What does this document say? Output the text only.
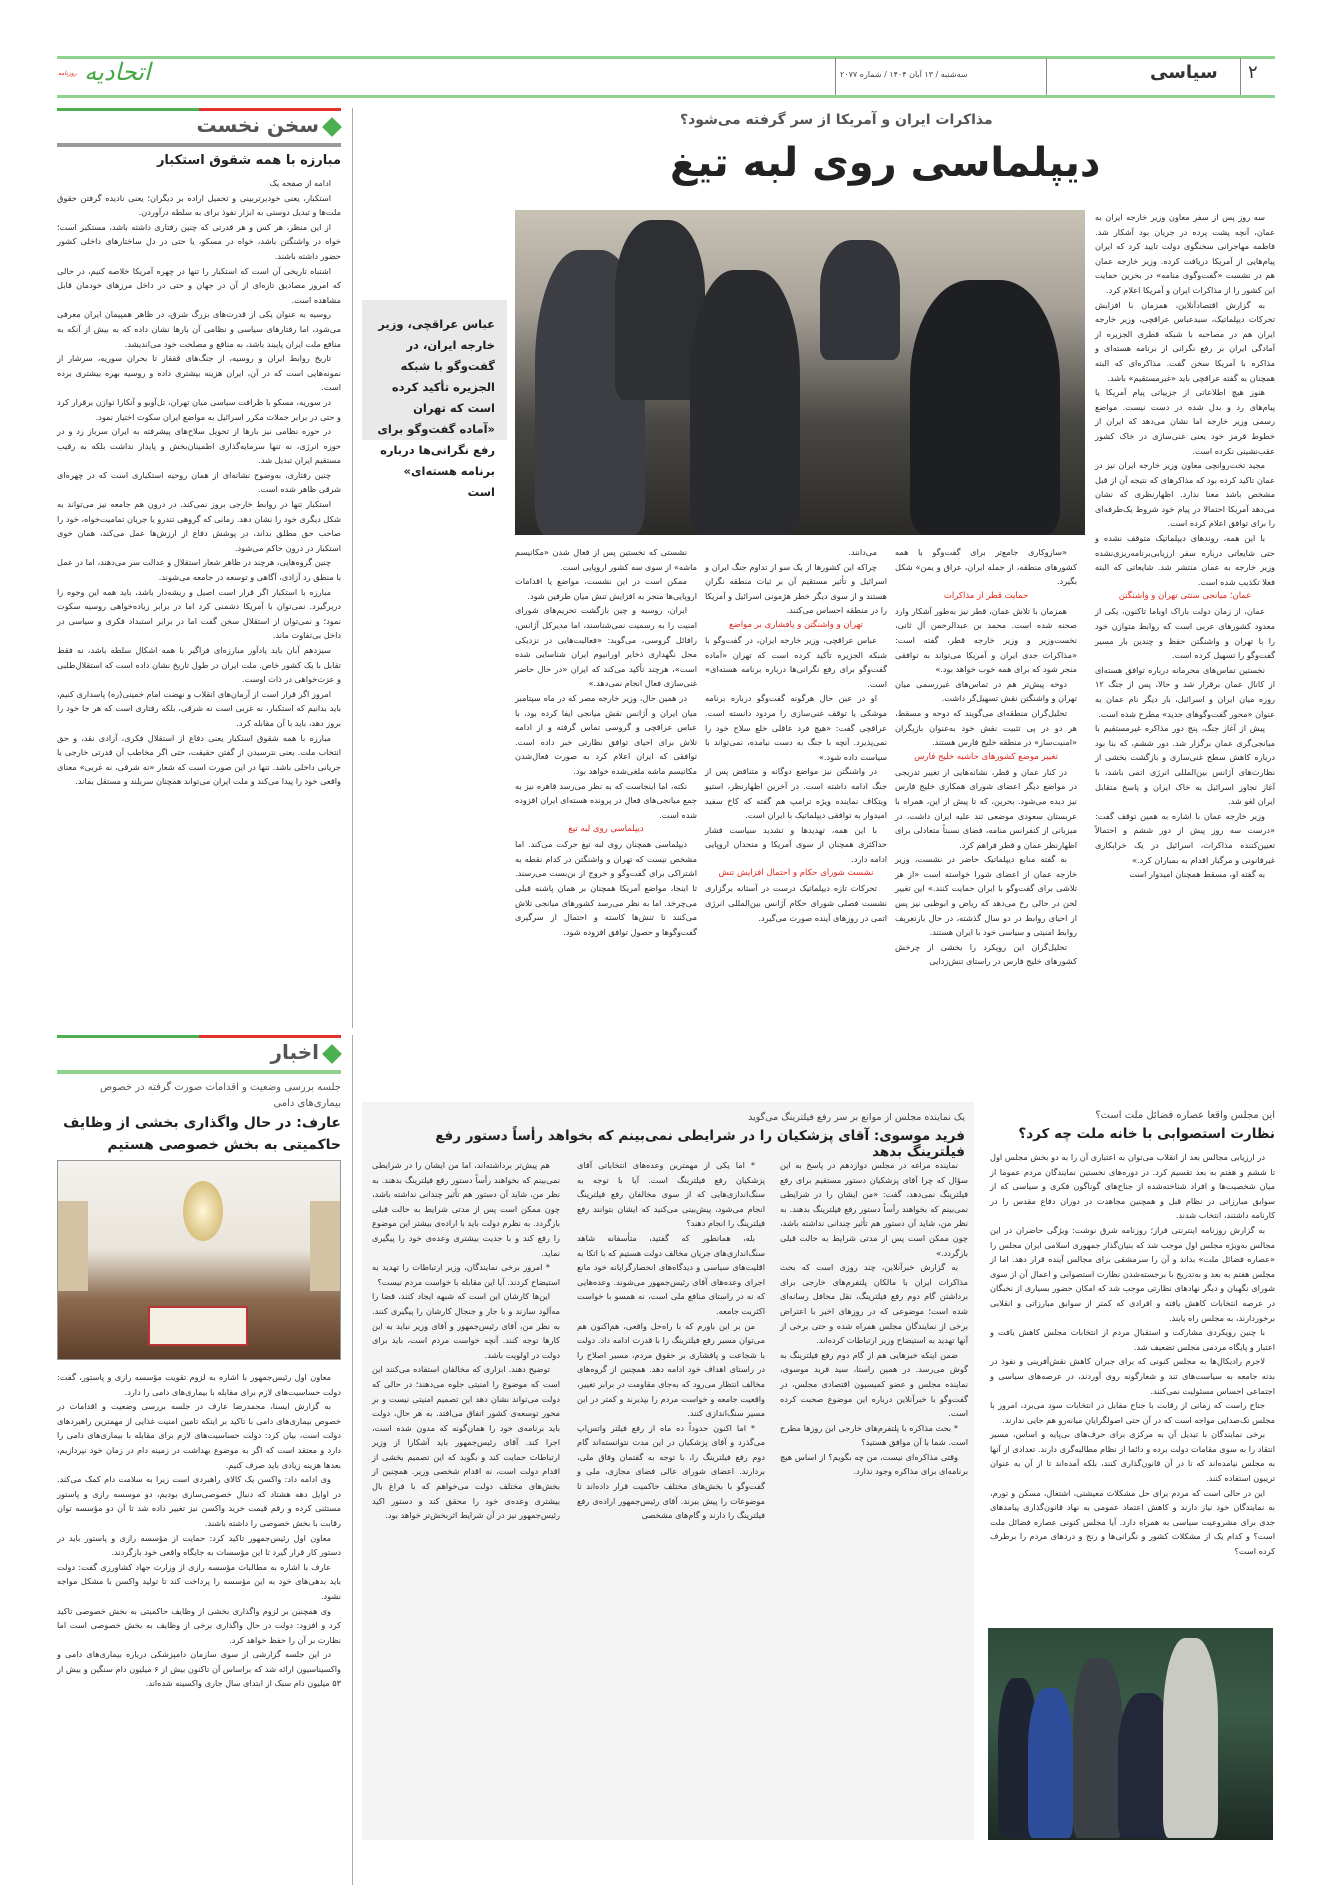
۲
سیاسی
سه‌شنبه / ۱۳ آبان ۱۴۰۴ / شماره ۲۰۷۷
اتحادیه روزنامه
سخن نخست
مبارزه با همه شقوق استکبار

ادامه از صفحه یک

استکبار، یعنی خودبرتربینی و تحمیل اراده بر دیگران؛ یعنی نادیده گرفتن حقوق ملت‌ها و تبدیل دوستی به ابزار نفوذ برای به سلطه درآوردن.

از این منظر، هر کس و هر قدرتی که چنین رفتاری داشته باشد، مستکبر است؛ خواه در واشنگتن باشد، خواه در مسکو، یا حتی در دل ساختارهای داخلی کشور حضور داشته باشند.

اشتباه تاریخی آن است که استکبار را تنها در چهره آمریکا خلاصه کنیم، در حالی که امروز مصادیق تازه‌ای از آن در جهان و حتی در داخل مرزهای خودمان قابل مشاهده است.

روسیه به عنوان یکی از قدرت‌های بزرگ شرق، در ظاهر همپیمان ایران معرفی می‌شود، اما رفتارهای سیاسی و نظامی آن بارها نشان داده که به بیش از آنکه به منافع ملت ایران پایبند باشد، به منافع و مصلحت خود می‌اندیشد.

تاریخ روابط ایران و روسیه، از جنگ‌های قفقاز تا بحران سوریه، سرشار از نمونه‌هایی است که در آن، ایران هزینه بیشتری داده و روسیه بهره بیشتری برده است.

در سوریه، مسکو با ظرافت سیاسی میان تهران، تل‌آویو و آنکارا توازن برقرار کرد و حتی در برابر حملات مکرر اسرائیل به مواضع ایران سکوت اختیار نمود.

در حوزه نظامی نیز بارها از تحویل سلاح‌های پیشرفته به ایران سرباز زد و در حوزه انرژی، نه تنها سرمایه‌گذاری اطمینان‌بخش و پایدار نداشت بلکه به رقیب مستقیم ایران تبدیل شد.

چنین رفتاری، به‌وضوح نشانه‌ای از همان روحیه استکباری است که در چهره‌ای شرقی ظاهر شده است.

استکبار تنها در روابط خارجی بروز نمی‌کند. در درون هم جامعه نیز می‌تواند به شکل دیگری خود را نشان دهد. زمانی که گروهی تندرو یا جریان تمامیت‌خواه، خود را صاحب حق مطلق بداند، در پوشش دفاع از ارزش‌ها عمل می‌کند، همان خوی استکبار در درون حاکم می‌شود.

چنین گروه‌هایی، هرچند در ظاهر شعار استقلال و عدالت سر می‌دهند، اما در عمل با منطق رد آزادی، آگاهی و توسعه در جامعه می‌شوند.

مبارزه با استکبار اگر قرار است اصیل و ریشه‌دار باشد، باید همه این وجوه را دربرگیرد. نمی‌توان با آمریکا دشمنی کرد اما در برابر زیاده‌خواهی روسیه سکوت نمود؛ و نمی‌توان از استقلال سخن گفت اما در برابر استبداد فکری و سیاسی در داخل بی‌تفاوت ماند.

سیزدهم آبان باید یادآور مبارزه‌ای فراگیر با همه اشکال سلطه باشد، نه فقط تقابل با یک کشور خاص. ملت ایران در طول تاریخ نشان داده است که استقلال‌طلبی و عزت‌خواهی در ذات اوست.

امروز اگر قرار است از آرمان‌های انقلاب و نهضت امام خمینی(ره) پاسداری کنیم، باید بدانیم که استکبار، نه غربی است نه شرقی، بلکه رفتاری است که هر جا خود را بروز دهد، باید با آن مقابله کرد.

مبارزه با همه شقوق استکبار یعنی دفاع از استقلال فکری، آزادی نقد، و حق انتخاب ملت. یعنی نترسیدن از گفتن حقیقت، حتی اگر مخاطب آن قدرتی خارجی یا جریانی داخلی باشد. تنها در این صورت است که شعار «نه شرقی، نه غربی» معنای واقعی خود را پیدا می‌کند و ملت ایران می‌تواند همچنان سربلند و مستقل بماند.

اخبار
جلسه بررسی وضعیت و اقدامات صورت گرفته در خصوص بیماری‌های دامی
عارف: در حال واگذاری بخشی از وظایف حاکمیتی به بخش خصوصی هستیم

معاون اول رئیس‌جمهور با اشاره به لزوم تقویت مؤسسه رازی و پاستور، گفت: دولت حساسیت‌های لازم برای مقابله با بیماری‌های دامی را دارد.

به گزارش ایسنا، محمدرضا عارف در جلسه بررسی وضعیت و اقدامات در خصوص بیماری‌های دامی با تاکید بر اینکه تامین امنیت غذایی از مهمترین راهبردهای دولت است، بیان کرد: دولت حساسیت‌های لازم برای مقابله با بیماری‌های دامی را دارد و معتقد است که اگر به موضوع بهداشت در زمینه دام در زمان خود نپردازیم، بعدها هزینه زیادی باید صرف کنیم.

وی ادامه داد: واکسن یک کالای راهبردی است زیرا به سلامت دام کمک می‌کند. در اوایل دهه هشتاد که دنبال خصوصی‌سازی بودیم، دو موسسه رازی و پاستور مستثنی کرده و رقم قیمت خرید واکسن نیز تغییر داده شد تا آن دو مؤسسه توان رقابت با بخش خصوصی را داشته باشند.

معاون اول رئیس‌جمهور تاکید کرد: حمایت از مؤسسه رازی و پاستور باید در دستور کار قرار گیرد تا این مؤسسات به جایگاه واقعی خود بازگردند.

عارف با اشاره به مطالبات مؤسسه رازی از وزارت جهاد کشاورزی گفت: دولت باید بدهی‌های خود به این مؤسسه را پرداخت کند تا تولید واکسن با مشکل مواجه نشود.

وی همچنین بر لزوم واگذاری بخشی از وظایف حاکمیتی به بخش خصوصی تاکید کرد و افزود: دولت در حال واگذاری برخی از وظایف به بخش خصوصی است اما نظارت بر آن را حفظ خواهد کرد.

در این جلسه گزارشی از سوی سازمان دامپزشکی درباره بیماری‌های دامی و واکسیناسیون ارائه شد که براساس آن تاکنون بیش از ۶ میلیون دام سنگین و بیش از ۵۳ میلیون دام سبک از ابتدای سال جاری واکسینه شده‌اند.

مذاکرات ایران و آمریکا از سر گرفته می‌شود؟
دیپلماسی روی لبه تیغ
عباس عراقچی، وزیر خارجه ایران، در گفت‌وگو با شبکه الجزیره تأکید کرده است که تهران «آماده گفت‌وگو برای رفع نگرانی‌ها درباره برنامه هسته‌ای» است

سه روز پس از سفر معاون وزیر خارجه ایران به عمان، آنچه پشت پرده در جریان بود آشکار شد. فاطمه مهاجرانی سخنگوی دولت تایید کرد که ایران پیام‌هایی از آمریکا دریافت کرده. وزیر خارجه عمان هم در نشست «گفت‌وگوی منامه» در بحرین حمایت این کشور را از مذاکرات ایران و آمریکا اعلام کرد.

به گزارش اقتصادآنلاین، همزمان با افزایش تحرکات دیپلماتیک، سیدعباس عراقچی، وزیر خارجه ایران هم در مصاحبه با شبکه قطری الجزیره از آمادگی ایران بر رفع نگرانی از برنامه هسته‌ای و مذاکره با آمریکا سخن گفت. مذاکره‌ای که البته همچنان به گفته عراقچی باید «غیرمستقیم» باشد.

هنوز هیچ اطلاعاتی از جزییاتی پیام آمریکا یا پیام‌های رد و بدل شده در دست نیست. مواضع رسمی وزیر خارجه اما نشان می‌دهد که ایران از خطوط قرمز خود یعنی غنی‌سازی در خاک کشور عقب‌نشینی نکرده است.

مجید تخت‌روانچی معاون وزیر خارجه ایران نیز در عمان تاکید کرده بود که مذاکرهای که نتیجه آن از قبل مشخص باشد معنا ندارد. اظهارنظری که نشان می‌دهد آمریکا احتمالا در پیام خود شروط یک‌طرفه‌ای را برای توافق اعلام کرده است.

با این همه، روندهای دیپلماتیک متوقف نشده و حتی شایعاتی درباره سفر ارزیابی‌برنامه‌ریزی‌نشده وزیر خارجه به عمان منتشر شد. شایعاتی که البته فعلا تکذیب شده است.

عمان؛ میانجی سنتی تهران و واشنگتن

عمان، از زمان دولت باراک اوباما تاکنون، یکی از معدود کشورهای عربی است که روابط متوازن خود را با تهران و واشنگتن حفظ و چندین بار مسیر گفت‌وگو را تسهیل کرده است.

نخستین تماس‌های محرمانه درباره توافق هسته‌ای از کانال عمان برقرار شد و حالا، پس از جنگ ۱۲ روزه میان ایران و اسرائیل، بار دیگر نام عمان به عنوان «محور گفت‌وگوهای جدید» مطرح شده است.

پیش از آغاز جنگ، پنج دور مذاکره غیرمستقیم با میانجی‌گری عمان برگزار شد. دور ششم، که بنا بود درباره کاهش سطح غنی‌سازی و بازگشت بخشی از نظارت‌های آژانس بین‌المللی انرژی اتمی باشد، با آغاز تجاوز اسرائیل به خاک ایران و پاسخ متقابل ایران لغو شد.

وزیر خارجه عمان با اشاره به همین توقف گفت: «درست سه روز پیش از دور ششم و احتمالاً تعیین‌کننده مذاکرات، اسرائیل در یک خرابکاری غیرقانونی و مرگبار اقدام به بمباران کرد.»

به گفته او، مسقط همچنان امیدوار است

«سازوکاری جامع‌تر برای گفت‌وگو با همه کشورهای منطقه، از جمله ایران، عراق و یمن» شکل بگیرد.

حمایت قطر از مذاکرات

همزمان با تلاش عمان، قطر نیز به‌طور آشکار وارد صحنه شده است. محمد بن عبدالرحمن آل ثانی، نخست‌وزیر و وزیر خارجه قطر، گفته است: «مذاکرات جدی ایران و آمریکا می‌تواند به توافقی منجر شود که برای همه خوب خواهد بود.»

دوحه پیش‌تر هم در تماس‌های غیررسمی میان تهران و واشنگتن نقش تسهیل‌گر داشت.

تحلیل‌گران منطقه‌ای می‌گویند که دوحه و مسقط، هر دو در پی تثبیت نقش خود به‌عنوان بازیگران «امنیت‌ساز» در منطقه خلیج فارس هستند.

تغییر موضع کشورهای حاشیه خلیج فارس

در کنار عمان و قطر، نشانه‌هایی از تغییر تدریجی در مواضع دیگر اعضای شورای همکاری خلیج فارس نیز دیده می‌شود. بحرین، که تا پیش از این، همراه با عربستان سعودی موضعی تند علیه ایران داشت، در میزبانی از کنفرانس منامه، فضای نسبتاً متعادلی برای اظهارنظر عمان و قطر فراهم کرد.

به گفته منابع دیپلماتیک حاضر در نشست، وزیر خارجه عمان از اعضای شورا خواسته است «از هر تلاشی برای گفت‌وگو با ایران حمایت کنند.» این تغییر لحن در حالی رخ می‌دهد که ریاض و ابوظبی نیز پس از احیای روابط در دو سال گذشته، در حال بازتعریف روابط امنیتی و سیاسی خود با ایران هستند.

تحلیل‌گران این رویکرد را بخشی از چرخش کشورهای خلیج فارس در راستای تنش‌زدایی

می‌دانند.

چراکه این کشورها از یک سو از تداوم جنگ ایران و اسرائیل و تأثیر مستقیم آن بر ثبات منطقه نگران هستند و از سوی دیگر خطر هژمونی اسرائیل و آمریکا را در منطقه احساس می‌کنند.

تهران و واشنگتن و پافشاری بر مواضع

عباس عراقچی، وزیر خارجه ایران، در گفت‌وگو با شبکه الجزیره تأکید کرده است که تهران «آماده گفت‌وگو برای رفع نگرانی‌ها درباره برنامه هسته‌ای» است.

او در عین حال هرگونه گفت‌وگو درباره برنامه موشکی یا توقف غنی‌سازی را مردود دانسته است. عراقچی گفت: «هیچ فرد عاقلی خلع سلاح خود را نمی‌پذیرد. آنچه با جنگ به دست نیامده، نمی‌تواند با سیاست داده شود.»

در واشنگتن نیز مواضع دوگانه و متناقض پس از جنگ ادامه داشته است. در آخرین اظهارنظر، استیو ویتکاف نماینده ویژه ترامپ هم گفته که کاخ سفید امیدوار به توافقی دیپلماتیک با ایران است.

با این همه، تهدیدها و تشدید سیاست فشار حداکثری همچنان از سوی آمریکا و متحدان اروپایی ادامه دارد.

نشست شورای حکام و احتمال افزایش تنش

تحرکات تازه دیپلماتیک درست در آستانه برگزاری نشست فصلی شورای حکام آژانس بین‌المللی انرژی اتمی در روزهای آینده صورت می‌گیرد.

نشستی که نخستین پس از فعال شدن «مکانیسم ماشه» از سوی سه کشور اروپایی است.

ممکن است در این نشست، مواضع یا اقدامات اروپایی‌ها منجر به افزایش تنش میان طرفین شود.

ایران، روسیه و چین بازگشت تحریم‌های شورای امنیت را به رسمیت نمی‌شناسند، اما مدیرکل آژانس، رافائل گروسی، می‌گوید: «فعالیت‌هایی در نزدیکی محل نگهداری ذخایر اورانیوم ایران شناسایی شده است»، هرچند تأکید می‌کند که ایران «در حال حاضر غنی‌سازی فعال انجام نمی‌دهد.»

در همین حال، وزیر خارجه مصر که در ماه سپتامبر میان ایران و آژانس نقش میانجی ایفا کرده بود، با عباس عراقچی و گروسی تماس گرفته و از ادامه تلاش برای احیای توافق نظارتی خبر داده است. توافقی که ایران اعلام کرد به صورت فعال‌شدن مکانیسم ماشه ملغی‌شده خواهد بود.

نکته، اما اینجاست که به نظر می‌رسد قاهره نیز به جمع میانجی‌های فعال در پرونده هسته‌ای ایران افزوده شده است.

دیپلماسی روی لبه تیغ

دیپلماسی همچنان روی لبه تیغ حرکت می‌کند. اما مشخص نیست که تهران و واشنگتن در کدام نقطه به اشتراکی برای گفت‌وگو و خروج از بن‌بست می‌رسند. تا اینجا، مواضع آمریکا همچنان بر همان پاشنه قبلی می‌چرخد. اما به نظر می‌رسد کشورهای میانجی تلاش می‌کنند تا تنش‌ها کاسته و احتمال از سرگیری گفت‌وگوها و حصول توافق افزوده شود.

یک نماینده مجلس از موانع بر سر رفع فیلترینگ می‌گوید
فرید موسوی: آقای پزشکیان را در شرایطی نمی‌بینم که بخواهد رأساً دستور رفع فیلترینگ بدهد

نماینده مراغه در مجلس دوازدهم در پاسخ به این سؤال که چرا آقای پزشکیان دستور مستقیم برای رفع فیلترینگ نمی‌دهد، گفت: «من ایشان را در شرایطی نمی‌بینم که بخواهند رأساً دستور رفع فیلترینگ بدهند. به نظر من، شاید آن دستور هم تأثیر چندانی نداشته باشد، چون ممکن است پس از مدتی شرایط به حالت قبلی بازگردد.»

به گزارش خبرآنلاین، چند روزی است که بحث مذاکرات ایران با مالکان پلتفرم‌های خارجی برای برداشتن گام دوم رفع فیلترینگ، نقل محافل رسانه‌ای شده است؛ موضوعی که در روزهای اخیر با اعتراض برخی از نمایندگان مجلس همراه شده و حتی برخی از آنها تهدید به استیضاح وزیر ارتباطات کرده‌اند.

ضمن اینکه خبرهایی هم از گام دوم رفع فیلترینگ به گوش می‌رسد. در همین راستا، سید فرید موسوی، نماینده مجلس و عضو کمیسیون اقتصادی مجلس، در گفت‌وگو با خبرآنلاین درباره این موضوع صحبت کرده است.

* بحث مذاکره با پلتفرم‌های خارجی این روزها مطرح است. شما با آن موافق هستید؟

وقتی مذاکره‌ای نیست، من چه بگویم؟ از اساس هیچ برنامه‌ای برای مذاکره وجود ندارد.

* اما یکی از مهمترین وعده‌های انتخاباتی آقای پزشکیان رفع فیلترینگ است. آیا با توجه به سنگ‌اندازی‌هایی که از سوی مخالفان رفع فیلترینگ انجام می‌شود، پیش‌بینی می‌کنید که ایشان بتوانند رفع فیلترینگ را انجام دهند؟

بله، همانطور که گفتید، متأسفانه شاهد سنگ‌اندازی‌های جریان مخالف دولت هستیم که با اتکا به اقلیت‌های سیاسی و دیدگاه‌های انحصارگرایانه خود مانع اجرای وعده‌های آقای رئیس‌جمهور می‌شوند. وعده‌هایی که نه در راستای منافع ملی است، نه همسو با خواست اکثریت جامعه.

من بر این باورم که با راه‌حل واقعی، هم‌اکنون هم می‌توان مسیر رفع فیلترینگ را با قدرت ادامه داد. دولت با شجاعت و پافشاری بر حقوق مردم، مسیر اصلاح را در راستای اهداف خود ادامه دهد. همچنین از گروه‌های مخالف انتظار می‌رود که به‌جای مقاومت در برابر تغییر، واقعیت جامعه و خواست مردم را بپذیرند و کمتر در این مسیر سنگ‌اندازی کنند.

* اما اکنون حدوداً ده ماه از رفع فیلتر واتس‌اپ می‌گذرد و آقای پزشکیان در این مدت نتوانسته‌اند گام دوم رفع فیلترینگ را، با توجه به گفتمان وفاق ملی، بردارند. اعضای شورای عالی فضای مجازی، ملی و گفت‌وگو با بخش‌های مختلف حاکمیت قرار داده‌اند تا موضوعات را پیش ببرند. آقای رئیس‌جمهور اراده‌ی رفع فیلترینگ را دارند و گام‌های مشخصی

هم پیش‌تر برداشته‌اند، اما من ایشان را در شرایطی نمی‌بینم که بخواهند رأساً دستور رفع فیلترینگ بدهند. به نظر من، شاید آن دستور هم تأثیر چندانی نداشته باشد، چون ممکن است پس از مدتی شرایط به حالت قبلی بازگردد. به نظرم دولت باید با اراده‌ی بیشتر این موضوع را رفع کند و با جدیت بیشتری وعده‌ی خود را پیگیری نماید.

* امروز برخی نمایندگان، وزیر ارتباطات را تهدید به استیضاح کردند. آیا این مقابله با خواست مردم نیست؟

این‌ها کارشان این است که شبهه ایجاد کنند، قضا را مه‌آلود سازند و با جار و جنجال کارشان را پیگیری کنند. به نظر من، آقای رئیس‌جمهور و آقای وزیر نباید به این کارها توجه کنند. آنچه خواست مردم است، باید برای دولت در اولویت باشد.

توضیح دهند. ابزاری که مخالفان استفاده می‌کنند این است که موضوع را امنیتی جلوه می‌دهند؛ در حالی که دولت می‌تواند نشان دهد این تصمیم امنیتی نیست و بر محور توسعه‌ی کشور اتفاق می‌افتد. به هر حال، دولت باید برنامه‌ی خود را همان‌گونه که مدون شده است، اجرا کند. آقای رئیس‌جمهور باید آشکارا از وزیر ارتباطات حمایت کند و بگوید که این تصمیم بخشی از اقدام دولت است، نه اقدام شخصی وزیر. همچنین از بخش‌های مختلف دولت می‌خواهم که با فراغ بال بیشتری وعده‌ی خود را محقق کند و دستور اکید رئیس‌جمهور نیز در آن شرایط اثربخش‌تر خواهد بود.

این مجلس واقعا عصاره فضائل ملت است؟
نظارت استصوابی با خانه ملت چه کرد؟

در ارزیابی مجالس بعد از انقلاب می‌توان به اعتباری آن را به دو بخش مجلس اول تا ششم و هفتم به بعد تقسیم کرد. در دوره‌های نخستین نمایندگان مردم عموما از میان شخصیت‌ها و افراد شناخته‌شده از جناح‌های گوناگون فکری و سیاسی که از سوابق مبارزاتی در نظام قبل و همچنین مجاهدت در دوران دفاع مقدس را در کارنامه داشتند، انتخاب شدند.

به گزارش روزنامه اینترنتی فراز؛ روزنامه شرق نوشت: ویژگی حاضران در این مجالس به‌ویژه مجلس اول موجب شد که بنیان‌گذار جمهوری اسلامی ایران مجلس را «عصاره فضائل ملت» بداند و آن را سرمشقی برای مجالس آینده قرار دهد. اما از مجلس هفتم به بعد و به‌تدریج با برجسته‌شدن نظارت استصوابی و اعمال آن از سوی شورای نگهبان و دیگر نهادهای نظارتی موجب شد که امکان حضور بسیاری از نخبگان در عرصه انتخابات کاهش یافته و افرادی که کمتر از سوابق مبارزاتی و انقلابی برخوردارند، به مجلس راه یابند.

با چنین رویکردی مشارکت و استقبال مردم از انتخابات مجلس کاهش یافت و اعتبار و پایگاه مردمی مجلس تضعیف شد.

لاجرم رادیکال‌ها به مجلس کنونی که برای جبران کاهش نقش‌آفرینی و نفوذ در بدنه جامعه به سیاست‌های تند و شعارگونه روی آوردند، در عرصه‌های سیاسی و اجتماعی احساس مسئولیت نمی‌کنند.

جناح راست که زمانی از رقابت با جناح مقابل در انتخابات سود می‌برد، امروز با مجلس تک‌صدایی مواجه است که در آن حتی اصولگرایان میانه‌رو هم جایی ندارند.

برخی نمایندگان با تبدیل آن به مرکزی برای حرف‌های بی‌پایه و اساس، مسیر انتقاد را به سوی مقامات دولت برده و دائما از نظام مطالبه‌گری دارند. تعدادی از آنها به مجلس نیامده‌اند که تا در آن قانون‌گذاری کنند، بلکه آمده‌اند تا از آن به عنوان تریبون استفاده کنند.

این در حالی است که مردم برای حل مشکلات معیشتی، اشتغال، مسکن و تورم، به نمایندگان خود نیاز دارند و کاهش اعتماد عمومی به نهاد قانون‌گذاری پیامدهای جدی برای مشروعیت سیاسی به همراه دارد. آیا مجلس کنونی عصاره فضائل ملت است؟ و کدام یک از مشکلات کشور و نگرانی‌ها و رنج و دردهای مردم را برطرف کرده است؟
